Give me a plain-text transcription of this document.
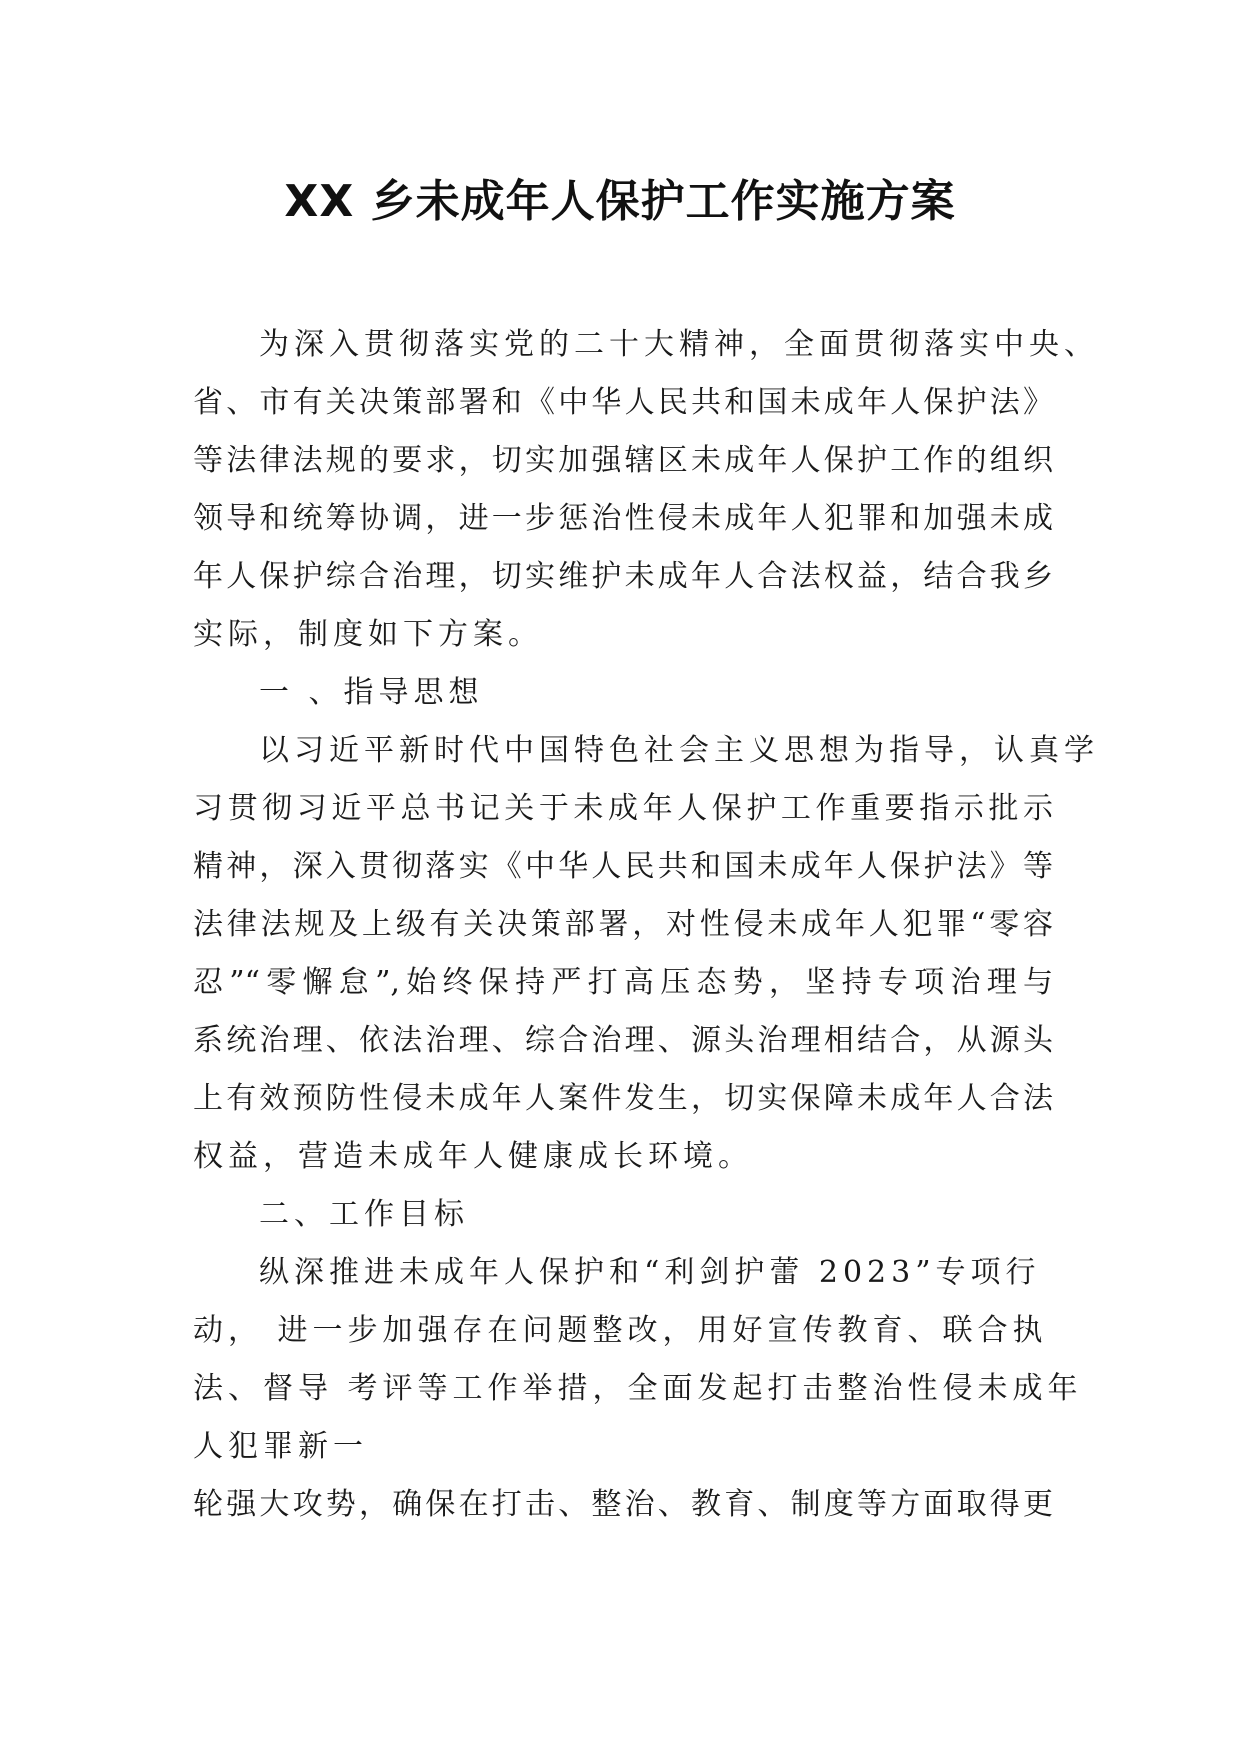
XX 乡未成年人保护工作实施方案
为深入贯彻落实党的二十大精神，全面贯彻落实中央、
省、市有关决策部署和《中华人民共和国未成年人保护法》
等法律法规的要求，切实加强辖区未成年人保护工作的组织
领导和统筹协调，进一步惩治性侵未成年人犯罪和加强未成
年人保护综合治理，切实维护未成年人合法权益，结合我乡
实际，制度如下方案。
一 、指导思想
以习近平新时代中国特色社会主义思想为指导，认真学
习贯彻习近平总书记关于未成年人保护工作重要指示批示
精神，深入贯彻落实《中华人民共和国未成年人保护法》等
法律法规及上级有关决策部署，对性侵未成年人犯罪“零容
忍”“零懈怠”,始终保持严打高压态势，坚持专项治理与
系统治理、依法治理、综合治理、源头治理相结合，从源头
上有效预防性侵未成年人案件发生，切实保障未成年人合法
权益，营造未成年人健康成长环境。
二、工作目标
纵深推进未成年人保护和“利剑护蕾 2023”专项行
动， 进一步加强存在问题整改，用好宣传教育、联合执
法、督导 考评等工作举措，全面发起打击整治性侵未成年
人犯罪新一
轮强大攻势，确保在打击、整治、教育、制度等方面取得更
